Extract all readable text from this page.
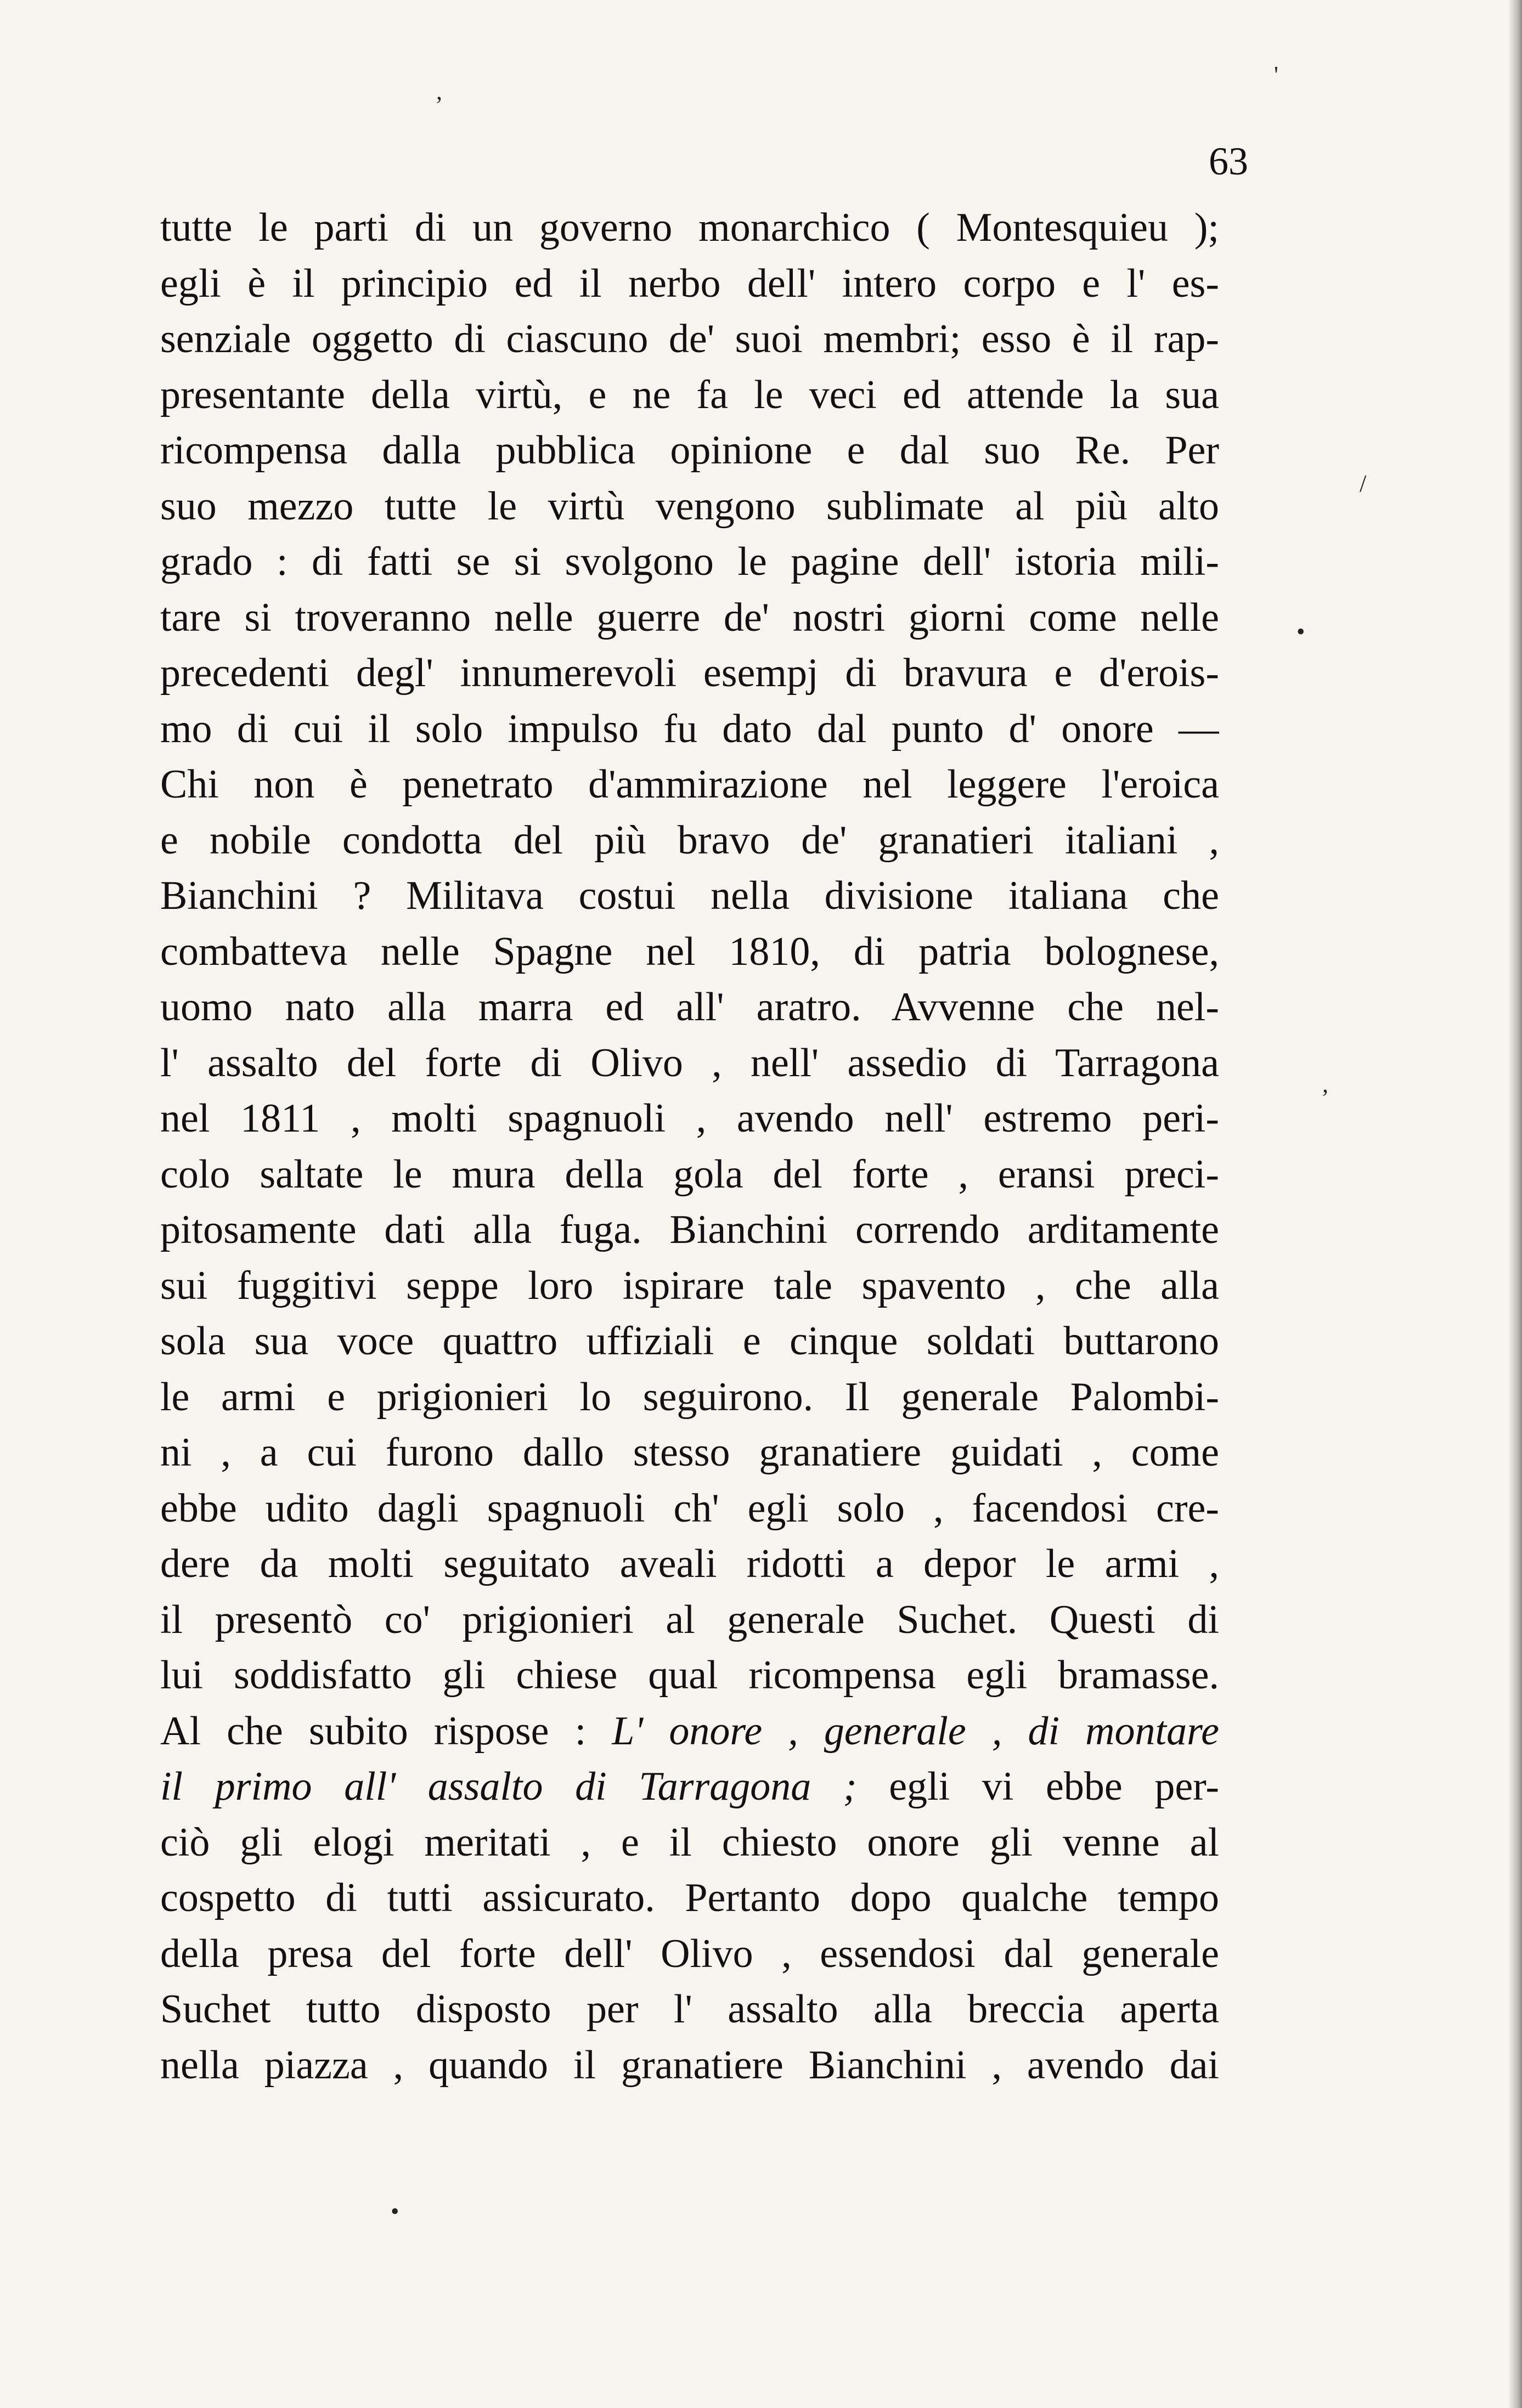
63
tutte le parti di un governo monarchico ( Montesquieu );
egli è il principio ed il nerbo dell' intero corpo e l' es-
senziale oggetto di ciascuno de' suoi membri; esso è il rap-
presentante della virtù, e ne fa le veci ed attende la sua
ricompensa dalla pubblica opinione e dal suo Re. Per
suo mezzo tutte le virtù vengono sublimate al più alto
grado : di fatti se si svolgono le pagine dell' istoria mili-
tare si troveranno nelle guerre de' nostri giorni come nelle
precedenti degl' innumerevoli esempj di bravura e d'erois-
mo di cui il solo impulso fu dato dal punto d' onore —
Chi non è penetrato d'ammirazione nel leggere l'eroica
e nobile condotta del più bravo de' granatieri italiani ,
Bianchini ? Militava costui nella divisione italiana che
combatteva nelle Spagne nel 1810, di patria bolognese,
uomo nato alla marra ed all' aratro. Avvenne che nel-
l' assalto del forte di Olivo , nell' assedio di Tarragona
nel 1811 , molti spagnuoli , avendo nell' estremo peri-
colo saltate le mura della gola del forte , eransi preci-
pitosamente dati alla fuga. Bianchini correndo arditamente
sui fuggitivi seppe loro ispirare tale spavento , che alla
sola sua voce quattro uffiziali e cinque soldati buttarono
le armi e prigionieri lo seguirono. Il generale Palombi-
ni , a cui furono dallo stesso granatiere guidati , come
ebbe udito dagli spagnuoli ch' egli solo , facendosi cre-
dere da molti seguitato aveali ridotti a depor le armi ,
il presentò co' prigionieri al generale Suchet. Questi di
lui soddisfatto gli chiese qual ricompensa egli bramasse.
Al che subito rispose : L' onore , generale , di montare
il primo all' assalto di Tarragona ; egli vi ebbe per-
ciò gli elogi meritati , e il chiesto onore gli venne al
cospetto di tutti assicurato. Pertanto dopo qualche tempo
della presa del forte dell' Olivo , essendosi dal generale
Suchet tutto disposto per l' assalto alla breccia aperta
nella piazza , quando il granatiere Bianchini , avendo dai
'
,
/
•
,
•
